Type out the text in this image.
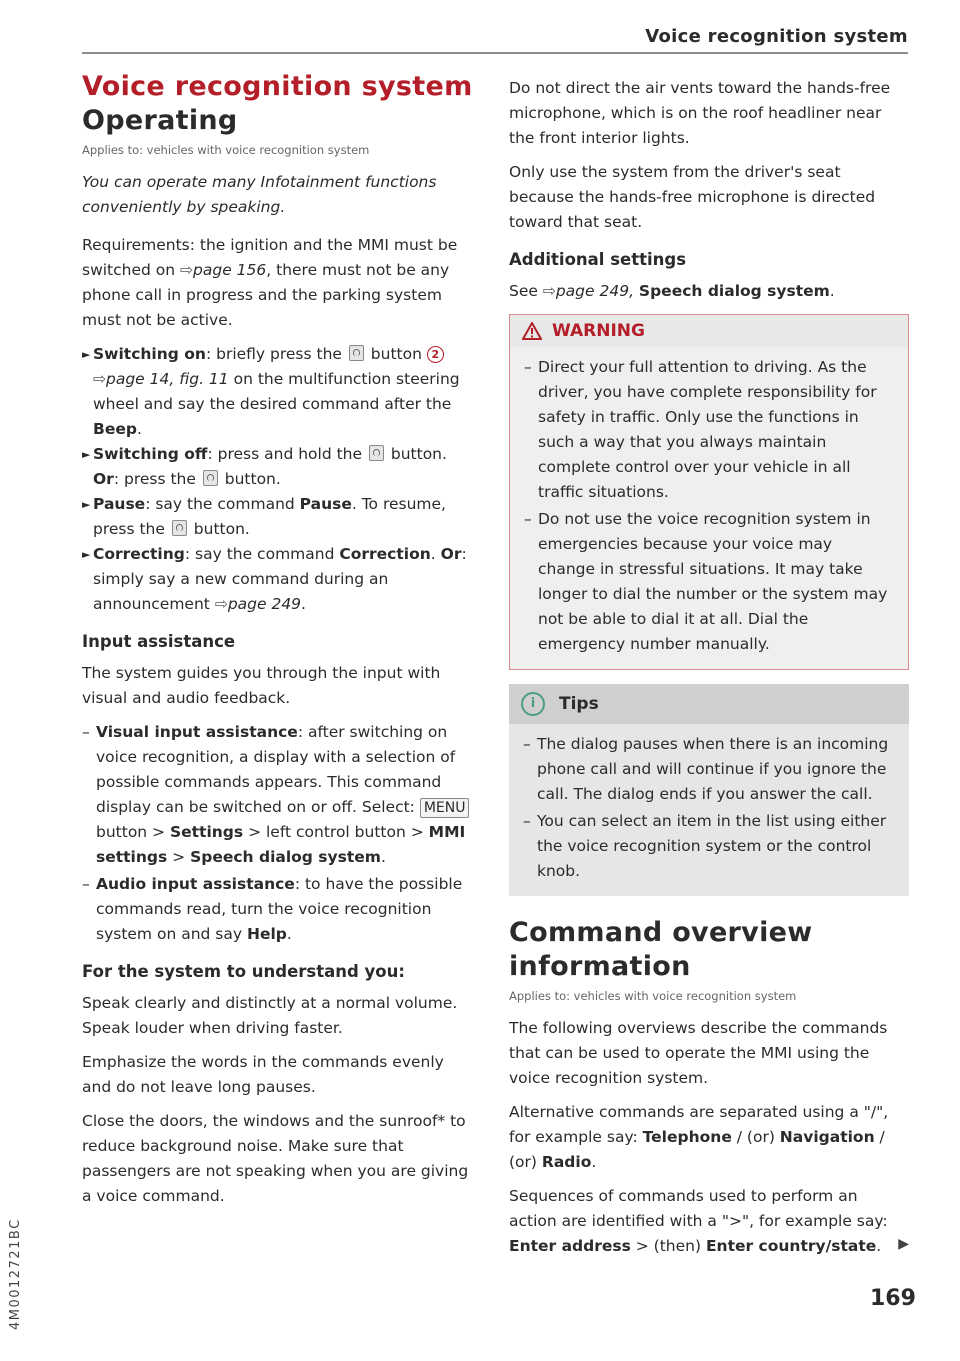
Voice recognition system
4M0012721BC
Voice recognition system
Operating
Applies to: vehicles with voice recognition system

You can operate many Infotainment functions conveniently by speaking.

Requirements: the ignition and the MMI must be switched on ⇨page 156, there must not be any phone call in progress and the parking system must not be active.

► Switching on: briefly press the  button 2
⇨page 14, fig. 11 on the multifunction steering wheel and say the desired command after the Beep.
► Switching off: press and hold the  button.
Or: press the  button.
► Pause: say the command Pause. To resume, press the  button.
► Correcting: say the command Correction. Or: simply say a new command during an announcement ⇨page 249.
Input assistance

The system guides you through the input with visual and audio feedback.

– Visual input assistance: after switching on voice recognition, a display with a selection of possible commands appears. This command display can be switched on or off. Select: MENU button > Settings > left control button > MMI settings > Speech dialog system.
– Audio input assistance: to have the possible commands read, turn the voice recognition system on and say Help.
For the system to understand you:

Speak clearly and distinctly at a normal volume. Speak louder when driving faster.

Emphasize the words in the commands evenly and do not leave long pauses.

Close the doors, the windows and the sunroof* to reduce background noise. Make sure that passengers are not speaking when you are giving a voice command.

Do not direct the air vents toward the hands-free microphone, which is on the roof headliner near the front interior lights.

Only use the system from the driver's seat because the hands-free microphone is directed toward that seat.

Additional settings

See ⇨page 249, Speech dialog system.

WARNING
– Direct your full attention to driving. As the driver, you have complete responsibility for safety in traffic. Only use the functions in such a way that you always maintain complete control over your vehicle in all traffic situations.
– Do not use the voice recognition system in emergencies because your voice may change in stressful situations. It may take longer to dial the number or the system may not be able to dial it at all. Dial the emergency number manually.
i	Tips
– The dialog pauses when there is an incoming phone call and will continue if you ignore the call. The dialog ends if you answer the call.
– You can select an item in the list using either the voice recognition system or the control knob.
Command overview information
Applies to: vehicles with voice recognition system

The following overviews describe the commands that can be used to operate the MMI using the voice recognition system.

Alternative commands are separated using a "/", for example say: Telephone / (or) Navigation / (or) Radio.

Sequences of commands used to perform an action are identified with a ">", for example say: Enter address > (then) Enter country/state. ▶

169
